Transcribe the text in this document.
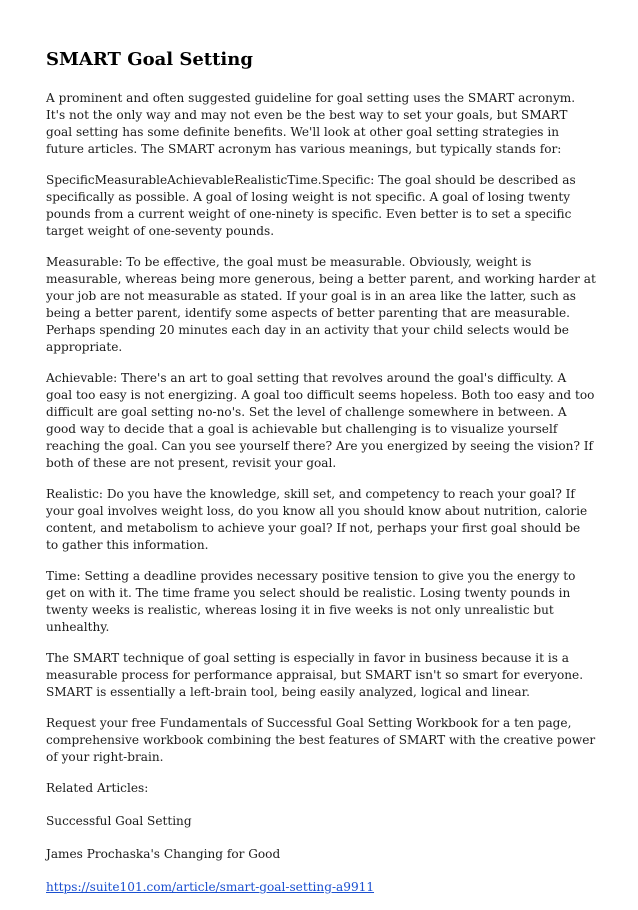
SMART Goal Setting

A prominent and often suggested guideline for goal setting uses the SMART acronym. It's not the only way and may not even be the best way to set your goals, but SMART goal setting has some definite benefits. We'll look at other goal setting strategies in future articles. The SMART acronym has various meanings, but typically stands for:

SpecificMeasurableAchievableRealisticTime.Specific: The goal should be described as specifically as possible. A goal of losing weight is not specific. A goal of losing twenty pounds from a current weight of one-ninety is specific. Even better is to set a specific target weight of one-seventy pounds.

Measurable: To be effective, the goal must be measurable. Obviously, weight is measurable, whereas being more generous, being a better parent, and working harder at your job are not measurable as stated. If your goal is in an area like the latter, such as being a better parent, identify some aspects of better parenting that are measurable. Perhaps spending 20 minutes each day in an activity that your child selects would be appropriate.

Achievable: There's an art to goal setting that revolves around the goal's difficulty. A goal too easy is not energizing. A goal too difficult seems hopeless. Both too easy and too difficult are goal setting no-no's. Set the level of challenge somewhere in between. A good way to decide that a goal is achievable but challenging is to visualize yourself reaching the goal. Can you see yourself there? Are you energized by seeing the vision? If both of these are not present, revisit your goal.

Realistic: Do you have the knowledge, skill set, and competency to reach your goal? If your goal involves weight loss, do you know all you should know about nutrition, calorie content, and metabolism to achieve your goal? If not, perhaps your first goal should be to gather this information.

Time: Setting a deadline provides necessary positive tension to give you the energy to get on with it. The time frame you select should be realistic. Losing twenty pounds in twenty weeks is realistic, whereas losing it in five weeks is not only unrealistic but unhealthy.

The SMART technique of goal setting is especially in favor in business because it is a measurable process for performance appraisal, but SMART isn't so smart for everyone. SMART is essentially a left-brain tool, being easily analyzed, logical and linear.

Request your free Fundamentals of Successful Goal Setting Workbook for a ten page, comprehensive workbook combining the best features of SMART with the creative power of your right-brain.

Related Articles:

Successful Goal Setting

James Prochaska's Changing for Good

https://suite101.com/article/smart-goal-setting-a9911
